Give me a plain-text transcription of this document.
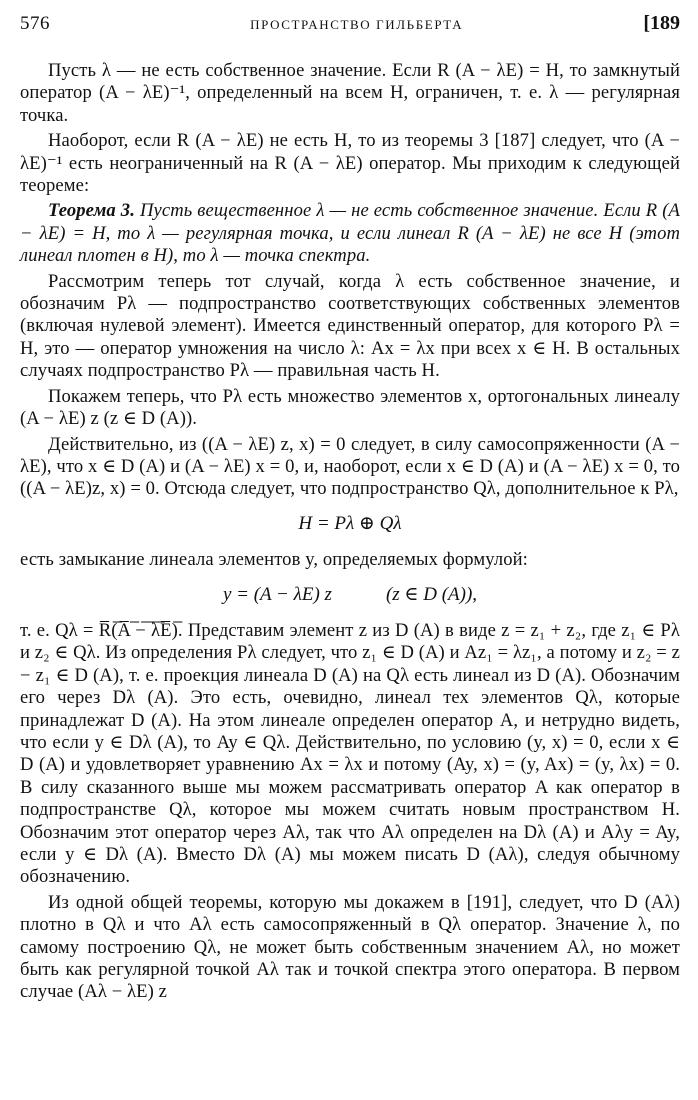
576	ПРОСТРАНСТВО ГИЛЬБЕРТА	[189

Пусть λ — не есть собственное значение. Если R (A − λE) = H, то замкнутый оператор (A − λE)⁻¹, определенный на всем H, ограничен, т. е. λ — регулярная точка.

Наоборот, если R (A − λE) не есть H, то из теоремы 3 [187] следует, что (A − λE)⁻¹ есть неограниченный на R (A − λE) оператор. Мы приходим к следующей теореме:

Теорема 3. Пусть вещественное λ — не есть собственное значение. Если R (A − λE) = H, то λ — регулярная точка, и если линеал R (A − λE) не все H (этот линеал плотен в H), то λ — точка спектра.

Рассмотрим теперь тот случай, когда λ есть собственное значение, и обозначим Pλ — подпространство соответствующих собственных элементов (включая нулевой элемент). Имеется единственный оператор, для которого Pλ = H, это — оператор умножения на число λ: Ax = λx при всех x ∈ H. В остальных случаях подпространство Pλ — правильная часть H.

Покажем теперь, что Pλ есть множество элементов x, ортогональных линеалу (A − λE) z (z ∈ D (A)).

Действительно, из ((A − λE) z, x) = 0 следует, в силу самосопряженности (A − λE), что x ∈ D (A) и (A − λE) x = 0, и, наоборот, если x ∈ D (A) и (A − λE) x = 0, то ((A − λE)z, x) = 0. Отсюда следует, что подпространство Qλ, дополнительное к Pλ,

H = Pλ ⊕ Qλ

есть замыкание линеала элементов y, определяемых формулой:

y = (A − λE) z	(z ∈ D (A)),

т. е. Qλ = R̅(̅A̅ ̅−̅ ̅λ̅E̅)̅. Представим элемент z из D (A) в виде z = z₁ + z₂, где z₁ ∈ Pλ и z₂ ∈ Qλ. Из определения Pλ следует, что z₁ ∈ D (A) и Az₁ = λz₁, а потому и z₂ = z − z₁ ∈ D (A), т. е. проекция линеала D (A) на Qλ есть линеал из D (A). Обозначим его через Dλ (A). Это есть, очевидно, линеал тех элементов Qλ, которые принадлежат D (A). На этом линеале определен оператор A, и нетрудно видеть, что если y ∈ Dλ (A), то Ay ∈ Qλ. Действительно, по условию (y, x) = 0, если x ∈ D (A) и удовлетворяет уравнению Ax = λx и потому (Ay, x) = (y, Ax) = (y, λx) = 0. В силу сказанного выше мы можем рассматривать оператор A как оператор в подпространстве Qλ, которое мы можем считать новым пространством H. Обозначим этот оператор через Aλ, так что Aλ определен на Dλ (A) и Aλy = Ay, если y ∈ Dλ (A). Вместо Dλ (A) мы можем писать D (Aλ), следуя обычному обозначению.

Из одной общей теоремы, которую мы докажем в [191], следует, что D (Aλ) плотно в Qλ и что Aλ есть самосопряженный в Qλ оператор. Значение λ, по самому построению Qλ, не может быть собственным значением Aλ, но может быть как регулярной точкой Aλ так и точкой спектра этого оператора. В первом случае (Aλ − λE) z
